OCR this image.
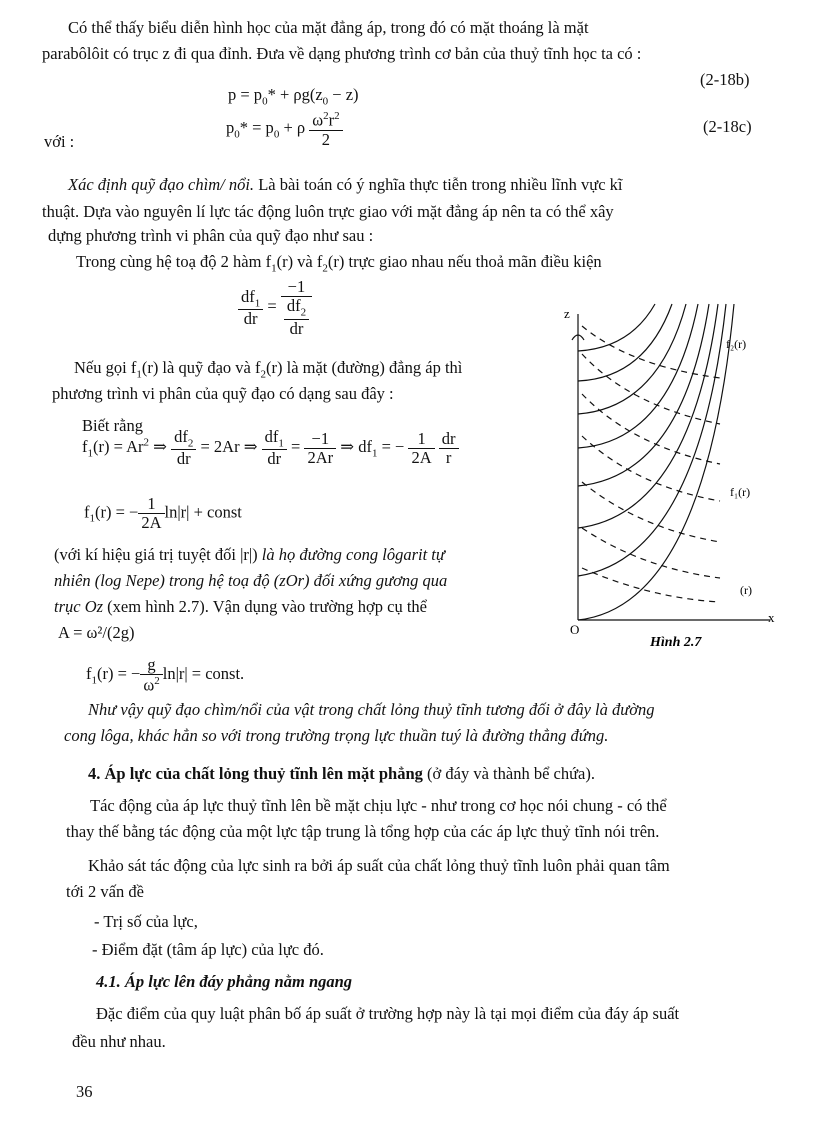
Có thể thấy biểu diễn hình học của mặt đẳng áp, trong đó có mặt thoáng là mặt
parabôlôit có trục z đi qua đỉnh. Đưa về dạng phương trình cơ bản của thuỷ tĩnh học ta có :
$p = p_0* + \rho g(z_0 - z)$
(2-18b)
với :
$p_0* = p_0 + \rho \frac{\omega^2r^2}{2}$	(2-18c)
Xác định quỹ đạo chìm/ nổi. Là bài toán có ý nghĩa thực tiễn trong nhiều lĩnh vực kĩ
thuật. Dựa vào nguyên lí lực tác động luôn trực giao với mặt đẳng áp nên ta có thể xây
dựng phương trình vi phân của quỹ đạo như sau :
Trong cùng hệ toạ độ 2 hàm $f_1(r)$ và $f_2(r)$ trực giao nhau nếu thoả mãn điều kiện
$\frac{df_1}{dr} = \frac{-1}{\frac{df_2}{dr}}$
Nếu gọi $f_1(r)$ là quỹ đạo và $f_2(r)$ là mặt (đường) đẳng áp thì
phương trình vi phân của quỹ đạo có dạng sau đây :
Biết rằng
$f_1(r) = Ar^2$ ⇒ $\frac{df_2}{dr} = 2Ar$ ⇒ $\frac{df_1}{dr} = \frac{-1}{2Ar}$ ⇒ $df_1$ = − $\frac{1}{2A}$
$\frac{dr}{r}$
$f_1(r)$ = − $\frac{1}{2A} \ln|r|$ + const
(với kí hiệu giá trị tuyệt đối |r|) là họ đường cong lôgarit tự
nhiên (log Nepe) trong hệ toạ độ (zOr) đối xứng gương qua
trục Oz (xem hình 2.7). Vận dụng vào trường hợp cụ thể
A = ω²/(2g)
$f_1(r)$ = − $\frac{g}{\omega^2} \ln|r|$ = const.
z
x
O
f₂(r)
f₁(r)
(r)
Hình 2.7
Như vậy quỹ đạo chìm/nổi của vật trong chất lỏng thuỷ tĩnh tương đối ở đây là đường
cong lôga, khác hẳn so với trong trường trọng lực thuần tuý là đường thẳng đứng.
4. Áp lực của chất lỏng thuỷ tĩnh lên mặt phẳng (ở đáy và thành bể chứa).
Tác động của áp lực thuỷ tĩnh lên bề mặt chịu lực - như trong cơ học nói chung - có thể
thay thế bằng tác động của một lực tập trung là tổng hợp của các áp lực thuỷ tĩnh nói trên.
Khảo sát tác động của lực sinh ra bởi áp suất của chất lỏng thuỷ tĩnh luôn phải quan tâm
tới 2 vấn đề
- Trị số của lực,
- Điểm đặt (tâm áp lực) của lực đó.
4.1. Áp lực lên đáy phẳng nằm ngang
Đặc điểm của quy luật phân bố áp suất ở trường hợp này là tại mọi điểm của đáy áp suất
đều như nhau.
36
